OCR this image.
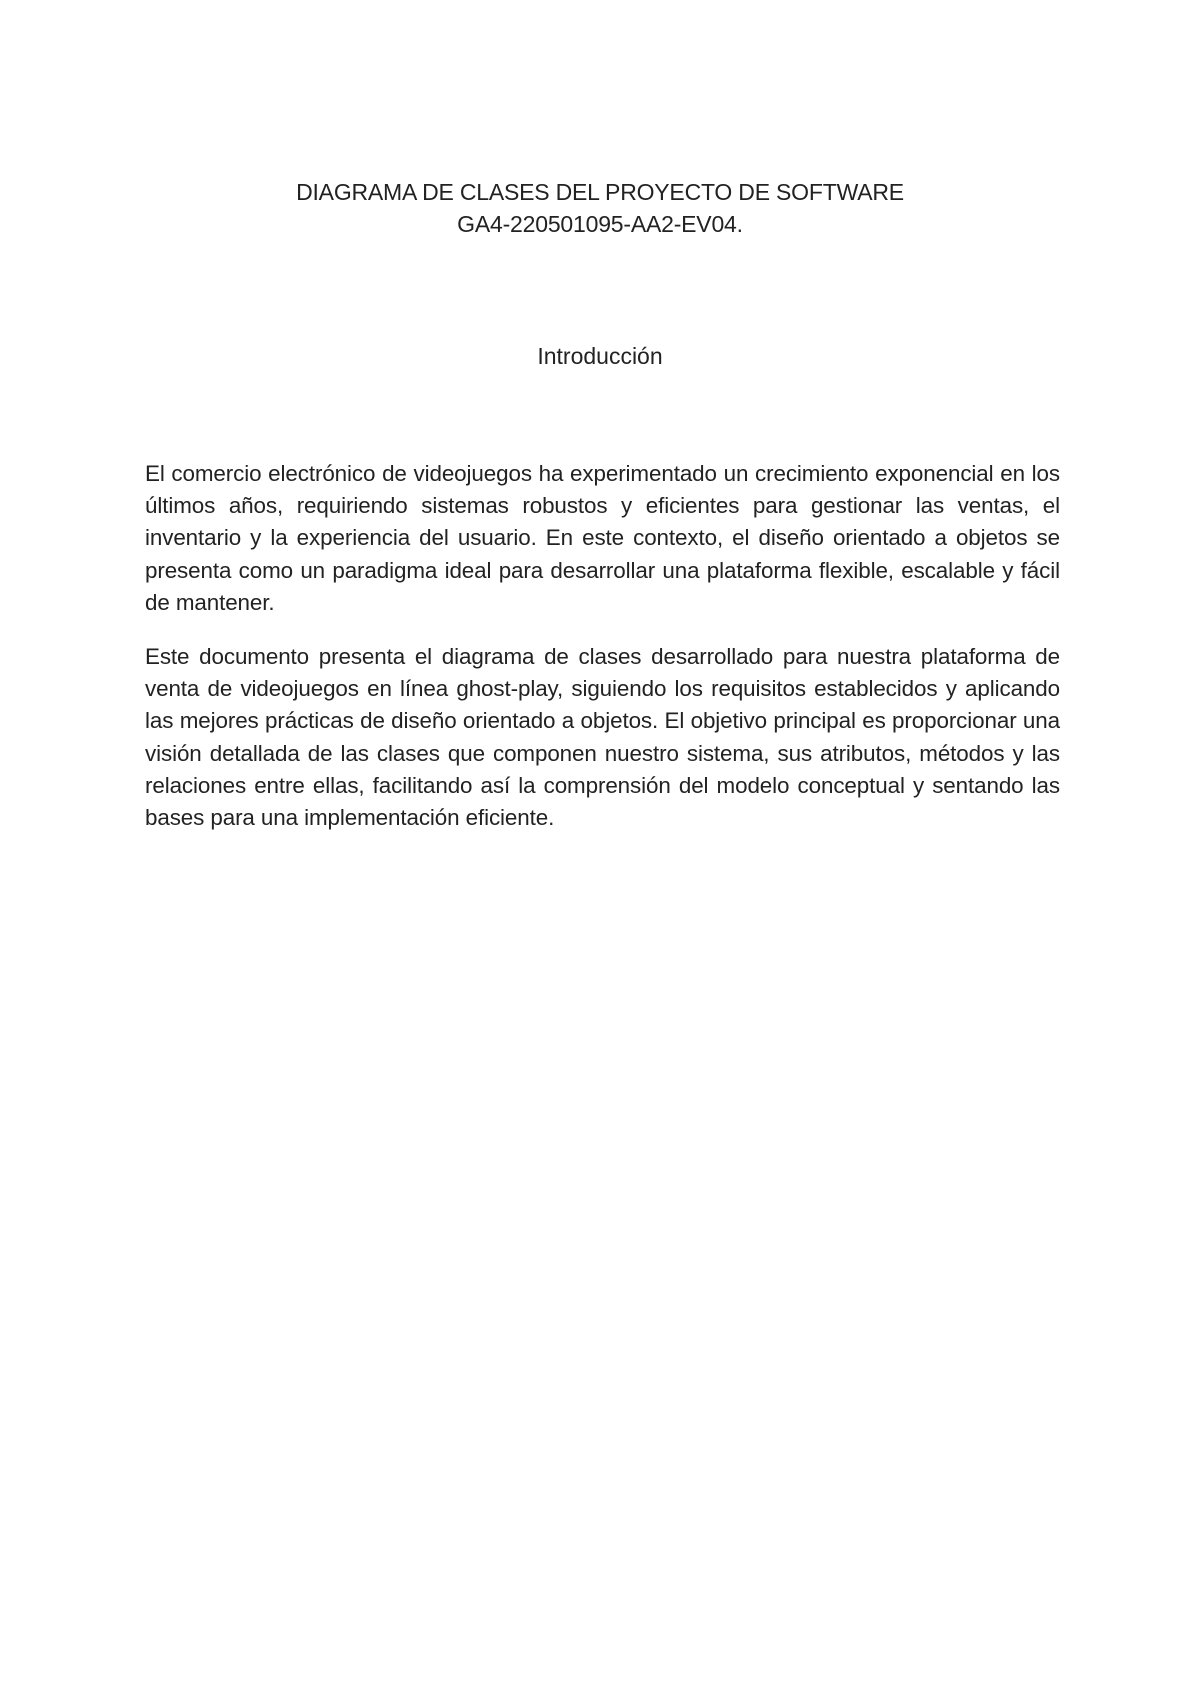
DIAGRAMA DE CLASES DEL PROYECTO DE SOFTWARE
GA4-220501095-AA2-EV04.
Introducción

El comercio electrónico de videojuegos ha experimentado un crecimiento exponencial en los últimos años, requiriendo sistemas robustos y eficientes para gestionar las ventas, el inventario y la experiencia del usuario. En este contexto, el diseño orientado a objetos se presenta como un paradigma ideal para desarrollar una plataforma flexible, escalable y fácil de mantener.

Este documento presenta el diagrama de clases desarrollado para nuestra plataforma de venta de videojuegos en línea ghost-play, siguiendo los requisitos establecidos y aplicando las mejores prácticas de diseño orientado a objetos. El objetivo principal es proporcionar una visión detallada de las clases que componen nuestro sistema, sus atributos, métodos y las relaciones entre ellas, facilitando así la comprensión del modelo conceptual y sentando las bases para una implementación eficiente.
